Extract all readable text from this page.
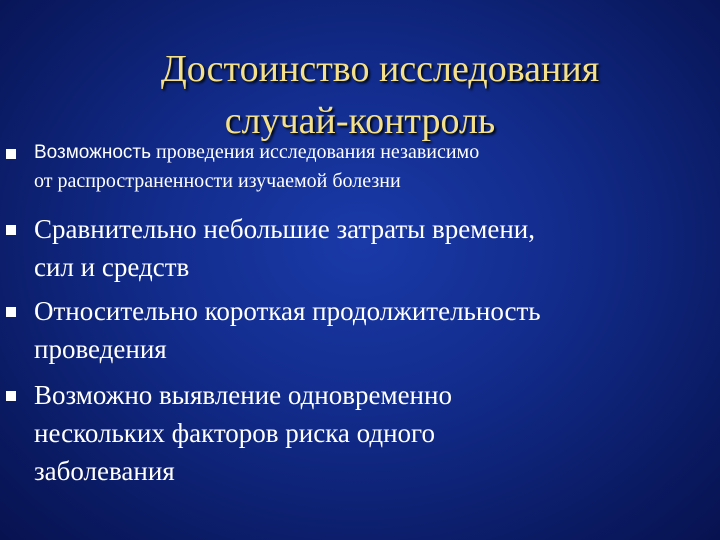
Достоинство исследования
случай-контроль
Возможность проведения исследования независимо
от распространенности изучаемой болезни
Сравнительно небольшие затраты времени,
сил и средств
Относительно короткая продолжительность
проведения
Возможно выявление одновременно
нескольких факторов риска одного
заболевания
